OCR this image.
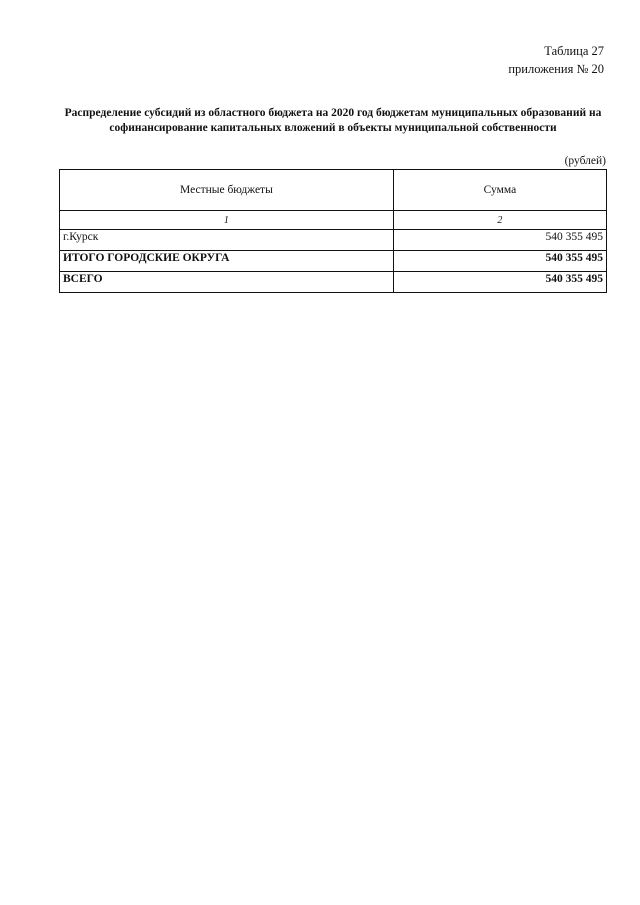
Таблица 27
приложения № 20
Распределение субсидий из областного бюджета на 2020 год бюджетам муниципальных образований на софинансирование капитальных вложений в объекты муниципальной собственности
(рублей)
Местные бюджеты	Сумма
1	2
г.Курск	540 355 495
ИТОГО ГОРОДСКИЕ ОКРУГА	540 355 495
ВСЕГО	540 355 495
